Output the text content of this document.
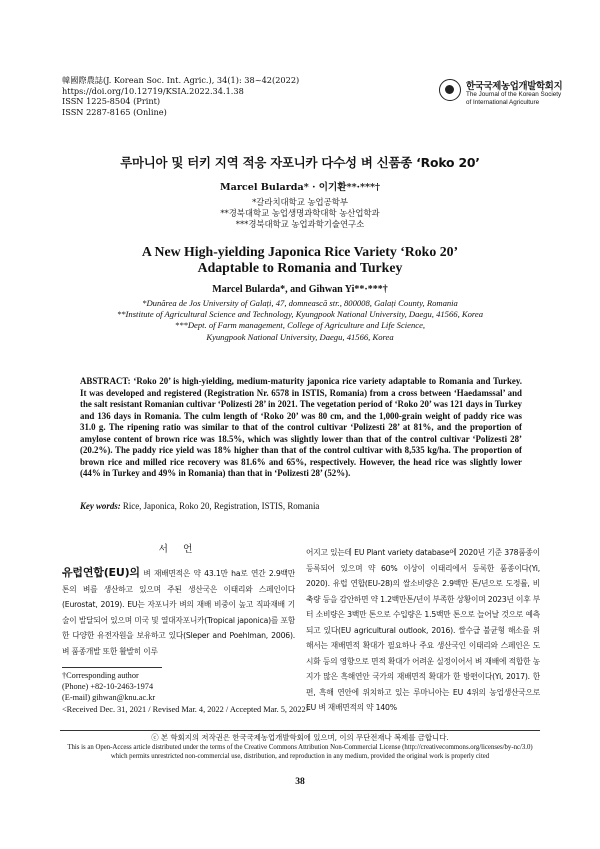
韓國際農誌(J. Korean Soc. Int. Agric.), 34(1): 38~42(2022)
https://doi.org/10.12719/KSIA.2022.34.1.38
ISSN 1225-8504 (Print)
ISSN 2287-8165 (Online)
한국국제농업개발학회지
The Journal of the Korean Society of International Agriculture
루마니아 및 터키 지역 적응 자포니카 다수성 벼 신품종 ‘Roko 20’
Marcel Bularda* · 이기환**·***†
*갈라치대학교 농업공학부
**경북대학교 농업생명과학대학 농산업학과
***경북대학교 농업과학기술연구소
A New High-yielding Japonica Rice Variety ‘Roko 20’
Adaptable to Romania and Turkey
Marcel Bularda*, and Gihwan Yi**·***†
*Dunărea de Jos University of Galați, 47, domnească str., 800008, Galați County, Romania
**Institute of Agricultural Science and Technology, Kyungpook National University, Daegu, 41566, Korea
***Dept. of Farm management, College of Agriculture and Life Science,
Kyungpook National University, Daegu, 41566, Korea
ABSTRACT: ‘Roko 20’ is high-yielding, medium-maturity japonica rice variety adaptable to Romania and Turkey. It was developed and registered (Registration Nr. 6578 in ISTIS, Romania) from a cross between ‘Haedamssal’ and the salt resistant Romanian cultivar ‘Polizesti 28’ in 2021. The vegetation period of ‘Roko 20’ was 121 days in Turkey and 136 days in Romania. The culm length of ‘Roko 20’ was 80 cm, and the 1,000-grain weight of paddy rice was 31.0 g. The ripening ratio was similar to that of the control cultivar ‘Polizesti 28’ at 81%, and the proportion of amylose content of brown rice was 18.5%, which was slightly lower than that of the control cultivar ‘Polizesti 28’ (20.2%). The paddy rice yield was 18% higher than that of the control cultivar with 8,535 kg/ha. The proportion of brown rice and milled rice recovery was 81.6% and 65%, respectively. However, the head rice was slightly lower (44% in Turkey and 49% in Romania) than that in ‘Polizesti 28’ (52%).
Key words: Rice, Japonica, Roko 20, Registration, ISTIS, Romania
서 언
유럽연합(EU)의 벼 재배면적은 약 43.1만 ha로 연간 2.9백만 톤의 벼를 생산하고 있으며 주된 생산국은 이태리와 스페인이다(Eurostat, 2019). EU는 자포니카 벼의 재배 비중이 높고 직파재배 기술이 발달되어 있으며 미국 및 열대자포니카(Tropical japonica)를 포함한 다양한 유전자원을 보유하고 있다(Sleper and Poehlman, 2006). 벼 품종개발 또한 활발히 이루
어지고 있는데 EU Plant variety database에 2020년 기준 378품종이 등록되어 있으며 약 60% 이상이 이태리에서 등록한 품종이다(Yi, 2020). 유럽 연합(EU-28)의 쌀소비량은 2.9백만 톤/년으로 도정률, 비축량 등을 감안하면 약 1.2백만톤/년이 부족한 상황이며 2023년 이후 부터 소비량은 3백만 톤으로 수입량은 1.5백만 톤으로 늘어날 것으로 예측되고 있다(EU agricultural outlook, 2016). 쌀수급 불균형 해소를 위해서는 재배면적 확대가 필요하나 주요 생산국인 이태리와 스페인은 도시화 등의 영향으로 면적 확대가 어려운 실정이어서 벼 재배에 적합한 농지가 많은 흑해연안 국가의 재배면적 확대가 한 방편이다(Yi, 2017). 한편, 흑해 연안에 위치하고 있는 루마니아는 EU 4위의 농업생산국으로 EU 벼 재배면적의 약 140%
†Corresponding author
(Phone) +82-10-2463-1974
(E-mail) gihwan@knu.ac.kr
<Received Dec. 31, 2021 / Revised Mar. 4, 2022 / Accepted Mar. 5, 2022>
ⓒ 본 학회지의 저작권은 한국국제농업개발학회에 있으며, 이의 무단전재나 복제를 금합니다.
This is an Open-Access article distributed under the terms of the Creative Commons Attribution Non-Commercial License (http://creativecommons.org/licenses/by-nc/3.0) which permits unrestricted non-commercial use, distribution, and reproduction in any medium, provided the original work is properly cited
38
